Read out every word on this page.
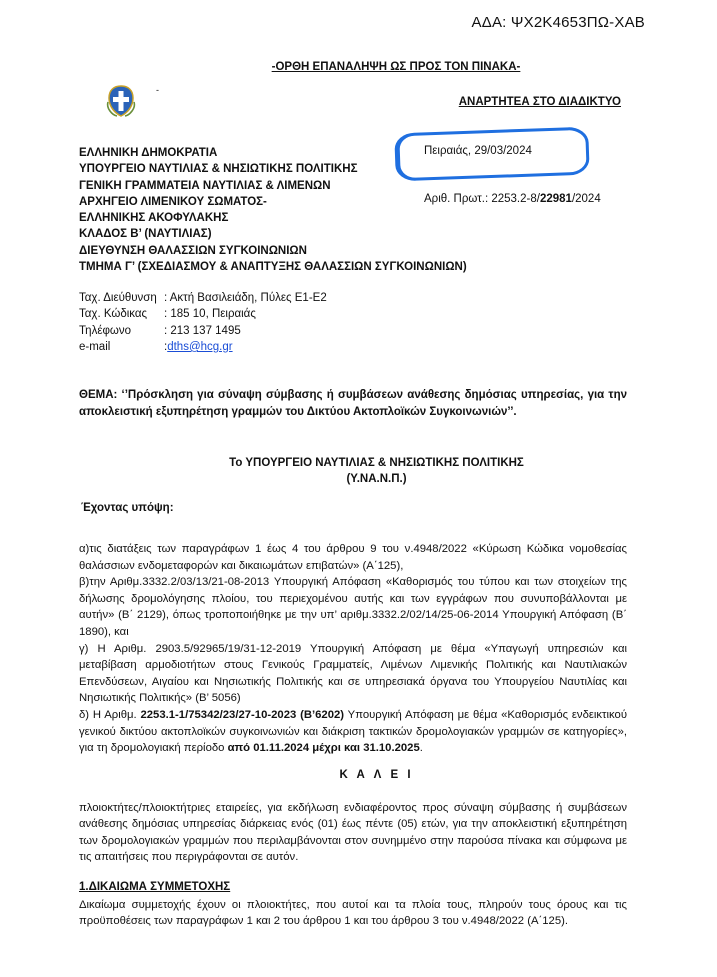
ΑΔΑ: ΨΧ2Κ4653ΠΩ-ΧΑΒ
-ΟΡΘΗ ΕΠΑΝΑΛΗΨΗ ΩΣ ΠΡΟΣ ΤΟΝ ΠΙΝΑΚΑ-
-
ΑΝΑΡΤΗΤΕΑ ΣΤΟ ΔΙΑΔΙΚΤΥΟ
ΕΛΛΗΝΙΚΗ ΔΗΜΟΚΡΑΤΙΑ
ΥΠΟΥΡΓΕΙΟ ΝΑΥΤΙΛΙΑΣ & ΝΗΣΙΩΤΙΚΗΣ ΠΟΛΙΤΙΚΗΣ
ΓΕΝΙΚΗ ΓΡΑΜΜΑΤΕΙΑ ΝΑΥΤΙΛΙΑΣ & ΛΙΜΕΝΩΝ
ΑΡΧΗΓΕΙΟ ΛΙΜΕΝΙΚΟΥ ΣΩΜΑΤΟΣ-
ΕΛΛΗΝΙΚΗΣ ΑΚΟΦΥΛΑΚΗΣ
ΚΛΑΔΟΣ Β’ (ΝΑΥΤΙΛΙΑΣ)
ΔΙΕΥΘΥΝΣΗ ΘΑΛΑΣΣΙΩΝ ΣΥΓΚΟΙΝΩΝΙΩΝ
ΤΜΗΜΑ Γ’ (ΣΧΕΔΙΑΣΜΟΥ & ΑΝΑΠΤΥΞΗΣ ΘΑΛΑΣΣΙΩΝ ΣΥΓΚΟΙΝΩΝΙΩΝ)
Πειραιάς, 29/03/2024
Αριθ. Πρωτ.: 2253.2-8/22981/2024
Ταχ. Διεύθυνση : Ακτή Βασιλειάδη, Πύλες Ε1-Ε2
Ταχ. Κώδικας	: 185 10, Πειραιάς
Τηλέφωνο	: 213 137 1495
e-mail	: dths@hcg.gr
ΘΕΜΑ: ‘’Πρόσκληση για σύναψη σύμβασης ή συμβάσεων ανάθεσης δημόσιας υπηρεσίας, για την αποκλειστική εξυπηρέτηση γραμμών του Δικτύου Ακτοπλοϊκών Συγκοινωνιών’’.
Το ΥΠΟΥΡΓΕΙΟ ΝΑΥΤΙΛΙΑΣ & ΝΗΣΙΩΤΙΚΗΣ ΠΟΛΙΤΙΚΗΣ
(Υ.ΝΑ.Ν.Π.)
Έχοντας υπόψη:

α)τις διατάξεις των παραγράφων 1 έως 4 του άρθρου 9 του ν.4948/2022 «Κύρωση Κώδικα νομοθεσίας θαλάσσιων ενδομεταφορών και δικαιωμάτων επιβατών» (Α΄125),

β)την Αριθμ.3332.2/03/13/21-08-2013 Υπουργική Απόφαση «Καθορισμός του τύπου και των στοιχείων της δήλωσης δρομολόγησης πλοίου, του περιεχομένου αυτής και των εγγράφων που συνυποβάλλονται με αυτήν» (Β΄ 2129), όπως τροποποιήθηκε με την υπ’ αριθμ.3332.2/02/14/25-06-2014 Υπουργική Απόφαση (Β΄ 1890), και

γ) Η Αριθμ. 2903.5/92965/19/31-12-2019 Υπουργική Απόφαση με θέμα «Υπαγωγή υπηρεσιών και μεταβίβαση αρμοδιοτήτων στους Γενικούς Γραμματείς, Λιμένων Λιμενικής Πολιτικής και Ναυτιλιακών Επενδύσεων, Αιγαίου και Νησιωτικής Πολιτικής και σε υπηρεσιακά όργανα του Υπουργείου Ναυτιλίας και Νησιωτικής Πολιτικής» (Β’ 5056)

δ) Η Αριθμ. 2253.1-1/75342/23/27-10-2023 (Β’6202) Υπουργική Απόφαση με θέμα «Καθορισμός ενδεικτικού γενικού δικτύου ακτοπλοϊκών συγκοινωνιών και διάκριση τακτικών δρομολογιακών γραμμών σε κατηγορίες», για τη δρομολογιακή περίοδο από 01.11.2024 μέχρι και 31.10.2025.

Κ Α Λ Ε Ι
πλοιοκτήτες/πλοιοκτήτριες εταιρείες, για εκδήλωση ενδιαφέροντος προς σύναψη σύμβασης ή συμβάσεων ανάθεσης δημόσιας υπηρεσίας διάρκειας ενός (01) έως πέντε (05) ετών, για την αποκλειστική εξυπηρέτηση των δρομολογιακών γραμμών που περιλαμβάνονται στον συνημμένο στην παρούσα πίνακα και σύμφωνα με τις απαιτήσεις που περιγράφονται σε αυτόν.
1.ΔΙΚΑΙΩΜΑ ΣΥΜΜΕΤΟΧΗΣ
Δικαίωμα συμμετοχής έχουν οι πλοιοκτήτες, που αυτοί και τα πλοία τους, πληρούν τους όρους και τις προϋποθέσεις των παραγράφων 1 και 2 του άρθρου 1 και του άρθρου 3 του ν.4948/2022 (Α΄125).
